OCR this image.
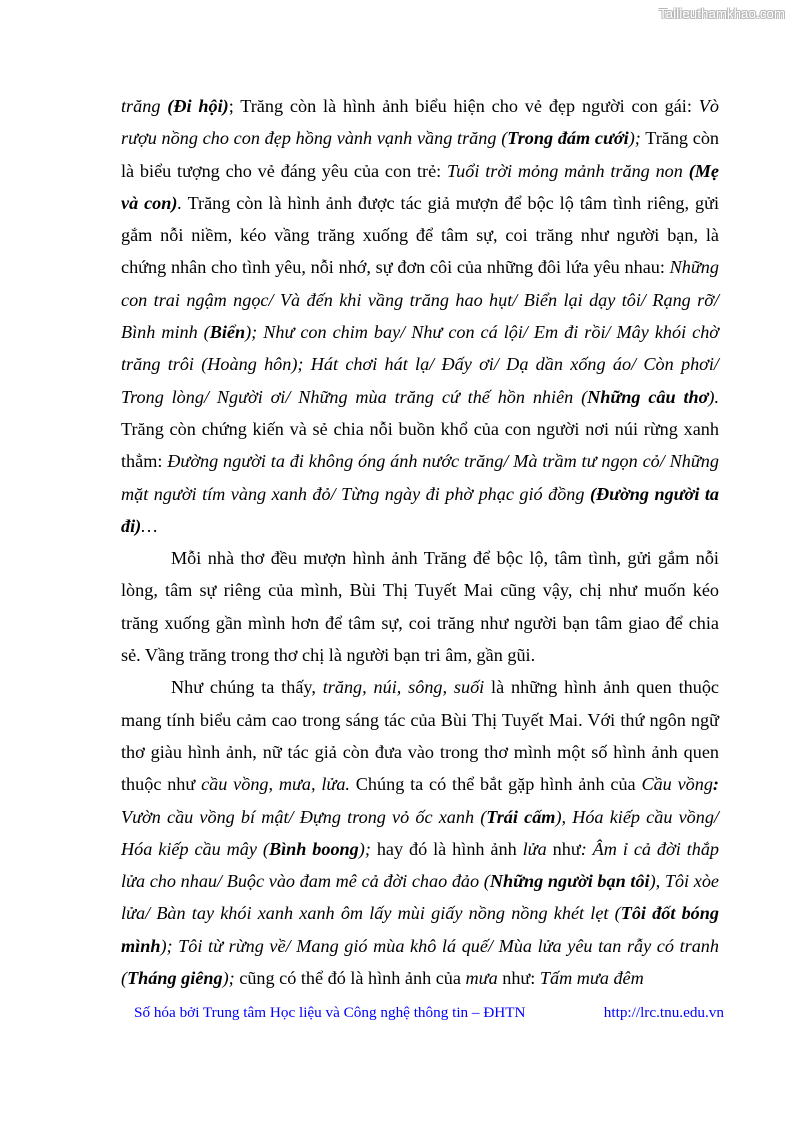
Tailieuthamkhao.com

trăng (Đi hội); Trăng còn là hình ảnh biểu hiện cho vẻ đẹp người con gái: Vò rượu nồng cho con đẹp hồng vành vạnh vầng trăng (Trong đám cưới); Trăng còn là biểu tượng cho vẻ đáng yêu của con trẻ: Tuổi trời mỏng mảnh trăng non (Mẹ và con). Trăng còn là hình ảnh được tác giả mượn để bộc lộ tâm tình riêng, gửi gắm nỗi niềm, kéo vầng trăng xuống để tâm sự, coi trăng như người bạn, là chứng nhân cho tình yêu, nỗi nhớ, sự đơn côi của những đôi lứa yêu nhau: Những con trai ngậm ngọc/ Và đến khi vầng trăng hao hụt/ Biển lại dạy tôi/ Rạng rỡ/ Bình minh (Biển); Như con chim bay/ Như con cá lội/ Em đi rồi/ Mây khói chờ trăng trôi (Hoàng hôn); Hát chơi hát lạ/ Đấy ơi/ Dạ dần xống áo/ Còn phơi/ Trong lòng/ Người ơi/ Những mùa trăng cứ thế hồn nhiên (Những câu thơ). Trăng còn chứng kiến và sẻ chia nỗi buồn khổ của con người nơi núi rừng xanh thẳm: Đường người ta đi không óng ánh nước trăng/ Mà trầm tư ngọn cỏ/ Những mặt người tím vàng xanh đỏ/ Từng ngày đi phờ phạc gió đồng (Đường người ta đi)…

Mỗi nhà thơ đều mượn hình ảnh Trăng để bộc lộ, tâm tình, gửi gắm nỗi lòng, tâm sự riêng của mình, Bùi Thị Tuyết Mai cũng vậy, chị như muốn kéo trăng xuống gần mình hơn để tâm sự, coi trăng như người bạn tâm giao để chia sẻ. Vầng trăng trong thơ chị là người bạn tri âm, gần gũi.

Như chúng ta thấy, trăng, núi, sông, suối là những hình ảnh quen thuộc mang tính biểu cảm cao trong sáng tác của Bùi Thị Tuyết Mai. Với thứ ngôn ngữ thơ giàu hình ảnh, nữ tác giả còn đưa vào trong thơ mình một số hình ảnh quen thuộc như cầu vồng, mưa, lửa. Chúng ta có thể bắt gặp hình ảnh của Cầu vồng: Vườn cầu vồng bí mật/ Đựng trong vỏ ốc xanh (Trái cấm), Hóa kiếp cầu vồng/ Hóa kiếp cầu mây (Bình boong); hay đó là hình ảnh lửa như: Âm ỉ cả đời thắp lửa cho nhau/ Buộc vào đam mê cả đời chao đảo (Những người bạn tôi), Tôi xòe lửa/ Bàn tay khói xanh xanh ôm lấy mùi giấy nồng nồng khét lẹt (Tôi đốt bóng mình); Tôi từ rừng về/ Mang gió mùa khô lá quế/ Mùa lửa yêu tan rẫy có tranh (Tháng giêng); cũng có thể đó là hình ảnh của mưa như: Tấm mưa đêm

Số hóa bởi Trung tâm Học liệu và Công nghệ thông tin – ĐHTN	http://lrc.tnu.edu.vn
